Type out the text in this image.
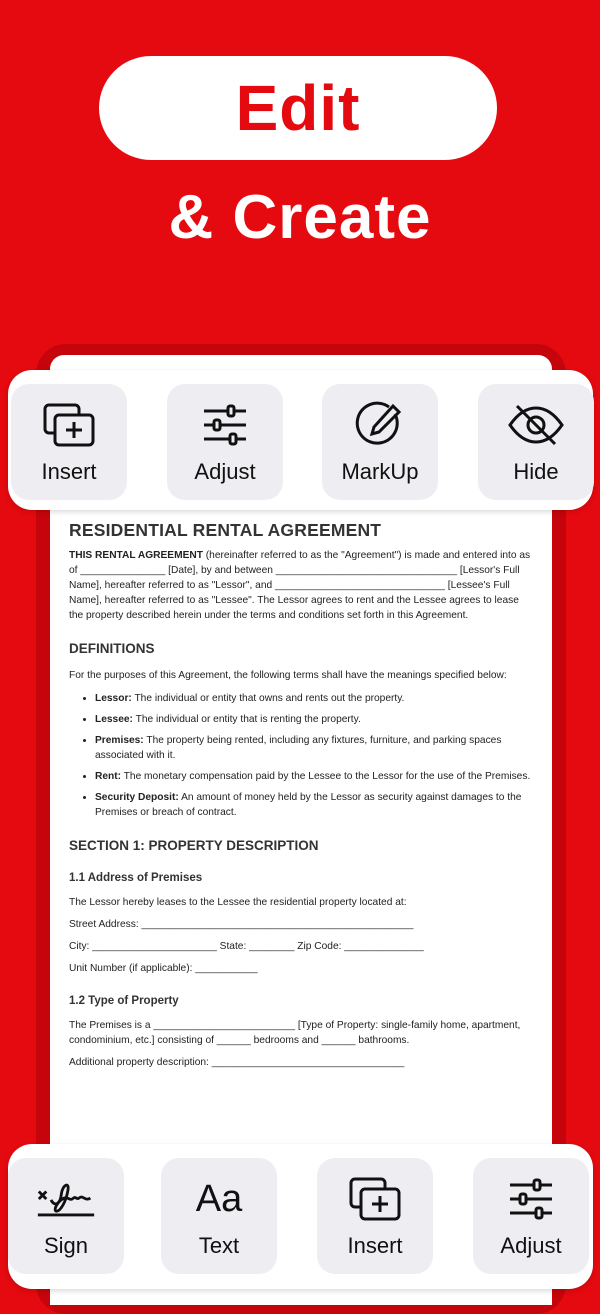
Edit
& Create
RESIDENTIAL RENTAL AGREEMENT

THIS RENTAL AGREEMENT (hereinafter referred to as the "Agreement") is made and entered into as of _______________ [Date], by and between ________________________________ [Lessor's Full Name], hereafter referred to as "Lessor", and ______________________________ [Lessee's Full Name], hereafter referred to as "Lessee". The Lessor agrees to rent and the Lessee agrees to lease the property described herein under the terms and conditions set forth in this Agreement.

DEFINITIONS

For the purposes of this Agreement, the following terms shall have the meanings specified below:

• Lessor: The individual or entity that owns and rents out the property.
• Lessee: The individual or entity that is renting the property.
• Premises: The property being rented, including any fixtures, furniture, and parking spaces associated with it.
• Rent: The monetary compensation paid by the Lessee to the Lessor for the use of the Premises.
• Security Deposit: An amount of money held by the Lessor as security against damages to the Premises or breach of contract.
SECTION 1: PROPERTY DESCRIPTION
1.1 Address of Premises

The Lessor hereby leases to the Lessee the residential property located at:

Street Address: ________________________________________________

City: ______________________ State: ________ Zip Code: ______________

Unit Number (if applicable): ___________

1.2 Type of Property

The Premises is a _________________________ [Type of Property: single-family home, apartment, condominium, etc.] consisting of ______ bedrooms and ______ bathrooms.

Additional property description: __________________________________

Insert	Adjust	MarkUp	Hide
Sign
Aa
Text	Insert	Adjust
